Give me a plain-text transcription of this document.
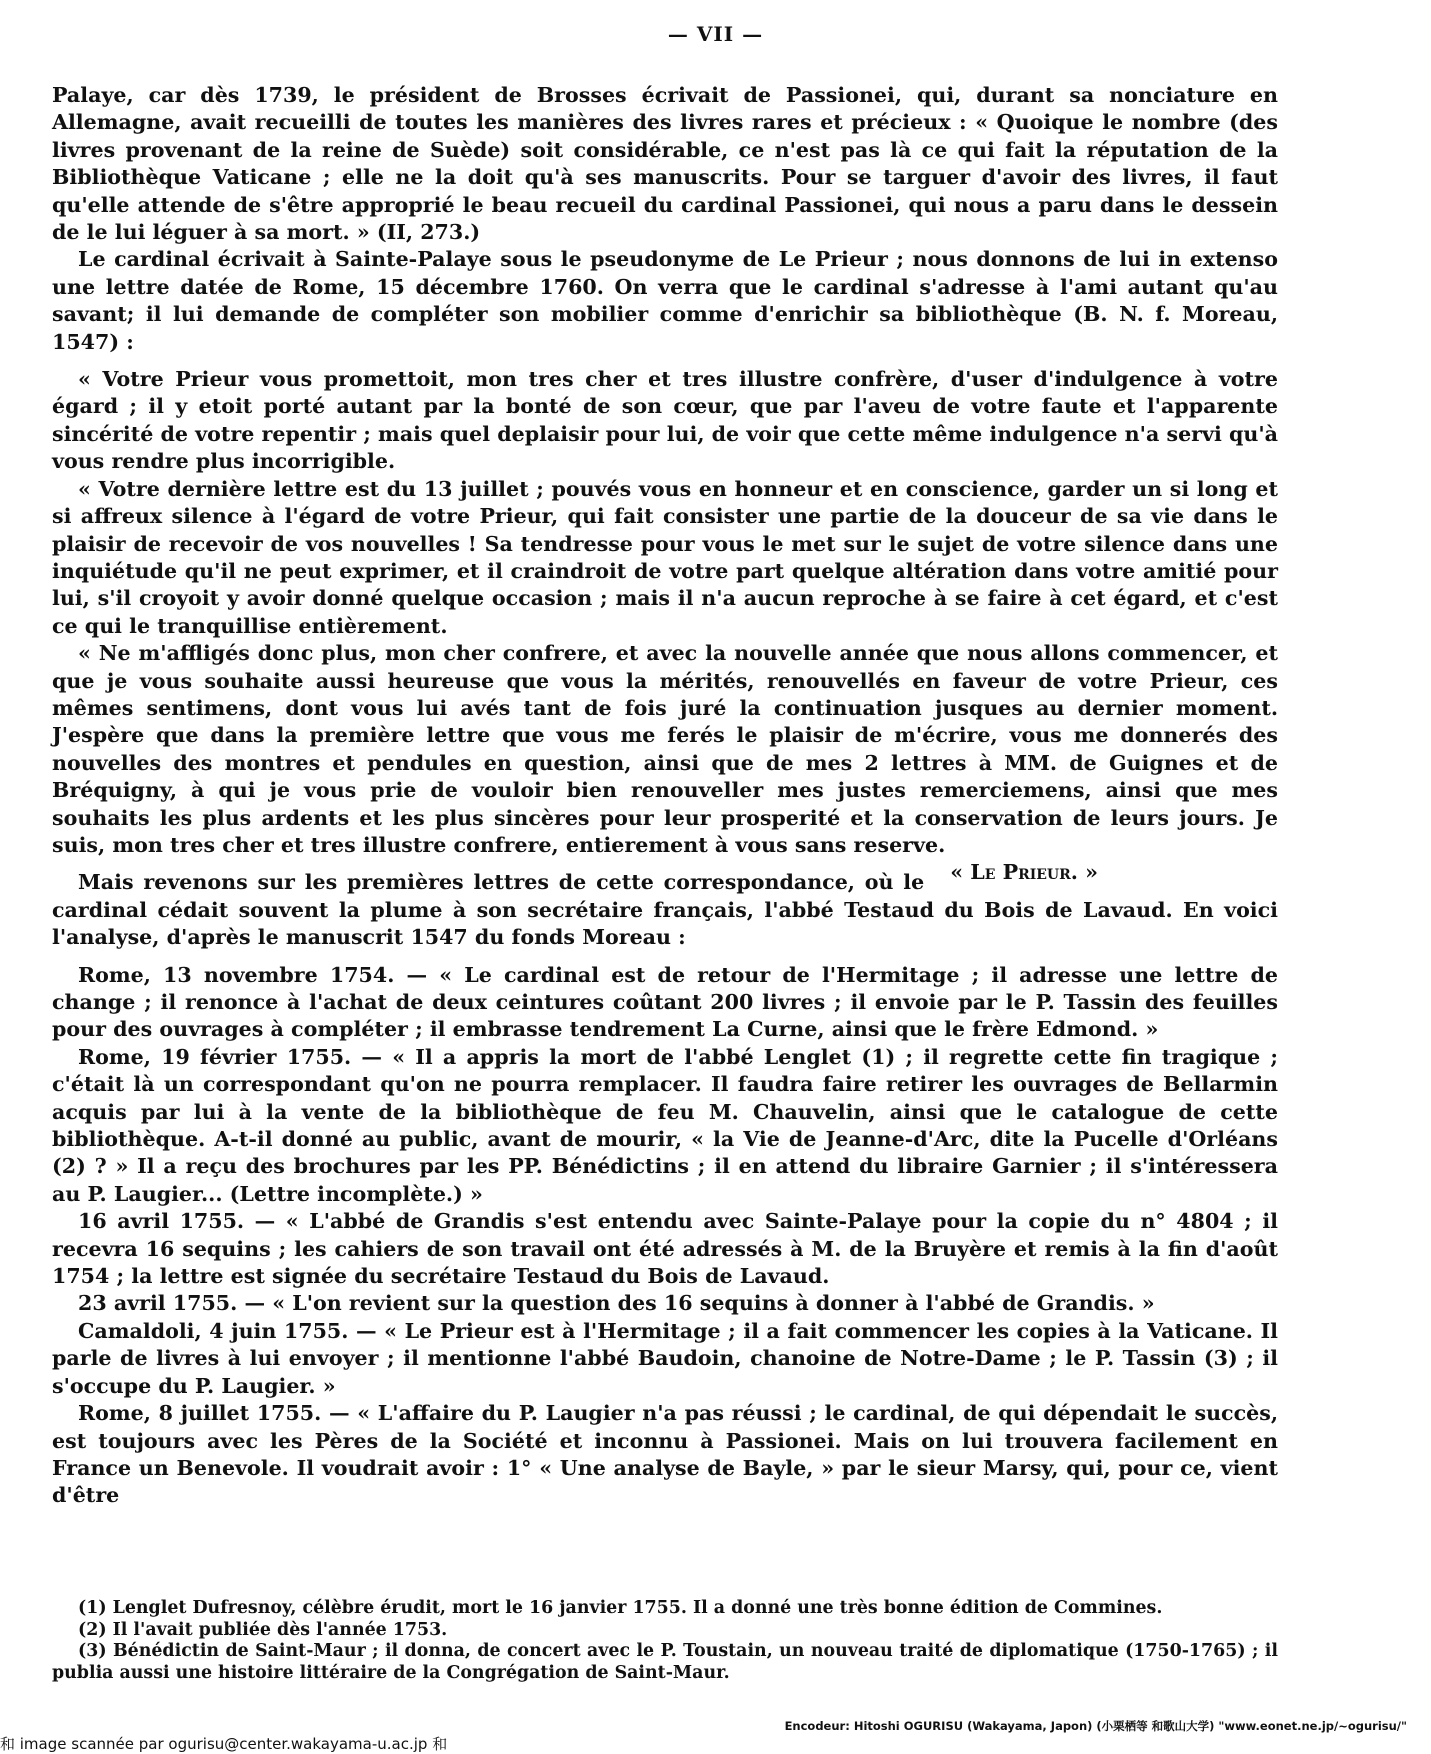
— VII —

Palaye, car dès 1739, le président de Brosses écrivait de Passionei, qui, durant sa nonciature en Allemagne, avait recueilli de toutes les manières des livres rares et précieux : « Quoique le nombre (des livres provenant de la reine de Suède) soit considérable, ce n'est pas là ce qui fait la réputation de la Bibliothèque Vaticane ; elle ne la doit qu'à ses manuscrits. Pour se targuer d'avoir des livres, il faut qu'elle attende de s'être approprié le beau recueil du cardinal Passionei, qui nous a paru dans le dessein de le lui léguer à sa mort. » (II, 273.)

Le cardinal écrivait à Sainte-Palaye sous le pseudonyme de Le Prieur ; nous donnons de lui in extenso une lettre datée de Rome, 15 décembre 1760. On verra que le cardinal s'adresse à l'ami autant qu'au savant; il lui demande de compléter son mobilier comme d'enrichir sa bibliothèque (B. N. f. Moreau, 1547) :

« Votre Prieur vous promettoit, mon tres cher et tres illustre confrère, d'user d'indulgence à votre égard ; il y etoit porté autant par la bonté de son cœur, que par l'aveu de votre faute et l'apparente sincérité de votre repentir ; mais quel deplaisir pour lui, de voir que cette même indulgence n'a servi qu'à vous rendre plus incorrigible.

« Votre dernière lettre est du 13 juillet ; pouvés vous en honneur et en conscience, garder un si long et si affreux silence à l'égard de votre Prieur, qui fait consister une partie de la douceur de sa vie dans le plaisir de recevoir de vos nouvelles ! Sa tendresse pour vous le met sur le sujet de votre silence dans une inquiétude qu'il ne peut exprimer, et il craindroit de votre part quelque altération dans votre amitié pour lui, s'il croyoit y avoir donné quelque occasion ; mais il n'a aucun reproche à se faire à cet égard, et c'est ce qui le tranquillise entièrement.

« Ne m'affligés donc plus, mon cher confrere, et avec la nouvelle année que nous allons commencer, et que je vous souhaite aussi heureuse que vous la mérités, renouvellés en faveur de votre Prieur, ces mêmes sentimens, dont vous lui avés tant de fois juré la continuation jusques au dernier moment. J'espère que dans la première lettre que vous me ferés le plaisir de m'écrire, vous me donnerés des nouvelles des montres et pendules en question, ainsi que de mes 2 lettres à MM. de Guignes et de Bréquigny, à qui je vous prie de vouloir bien renouveller mes justes remerciemens, ainsi que mes souhaits les plus ardents et les plus sincères pour leur prosperité et la conservation de leurs jours. Je suis, mon tres cher et tres illustre confrere, entierement à vous sans reserve.
« Le Prieur. »

Mais revenons sur les premières lettres de cette correspondance, où le cardinal cédait souvent la plume à son secrétaire français, l'abbé Testaud du Bois de Lavaud. En voici l'analyse, d'après le manuscrit 1547 du fonds Moreau :

Rome, 13 novembre 1754. — « Le cardinal est de retour de l'Hermitage ; il adresse une lettre de change ; il renonce à l'achat de deux ceintures coûtant 200 livres ; il envoie par le P. Tassin des feuilles pour des ouvrages à compléter ; il embrasse tendrement La Curne, ainsi que le frère Edmond. »

Rome, 19 février 1755. — « Il a appris la mort de l'abbé Lenglet (1) ; il regrette cette fin tragique ; c'était là un correspondant qu'on ne pourra remplacer. Il faudra faire retirer les ouvrages de Bellarmin acquis par lui à la vente de la bibliothèque de feu M. Chauvelin, ainsi que le catalogue de cette bibliothèque. A-t-il donné au public, avant de mourir, « la Vie de Jeanne-d'Arc, dite la Pucelle d'Orléans (2) ? » Il a reçu des brochures par les PP. Bénédictins ; il en attend du libraire Garnier ; il s'intéressera au P. Laugier... (Lettre incomplète.) »

16 avril 1755. — « L'abbé de Grandis s'est entendu avec Sainte-Palaye pour la copie du n° 4804 ; il recevra 16 sequins ; les cahiers de son travail ont été adressés à M. de la Bruyère et remis à la fin d'août 1754 ; la lettre est signée du secrétaire Testaud du Bois de Lavaud.

23 avril 1755. — « L'on revient sur la question des 16 sequins à donner à l'abbé de Grandis. »

Camaldoli, 4 juin 1755. — « Le Prieur est à l'Hermitage ; il a fait commencer les copies à la Vaticane. Il parle de livres à lui envoyer ; il mentionne l'abbé Baudoin, chanoine de Notre-Dame ; le P. Tassin (3) ; il s'occupe du P. Laugier. »

Rome, 8 juillet 1755. — « L'affaire du P. Laugier n'a pas réussi ; le cardinal, de qui dépendait le succès, est toujours avec les Pères de la Société et inconnu à Passionei. Mais on lui trouvera facilement en France un Benevole. Il voudrait avoir : 1° « Une analyse de Bayle, » par le sieur Marsy, qui, pour ce, vient d'être

(1) Lenglet Dufresnoy, célèbre érudit, mort le 16 janvier 1755. Il a donné une très bonne édition de Commines.

(2) Il l'avait publiée dès l'année 1753.

(3) Bénédictin de Saint-Maur ; il donna, de concert avec le P. Toustain, un nouveau traité de diplomatique (1750-1765) ; il publia aussi une histoire littéraire de la Congrégation de Saint-Maur.

Encodeur: Hitoshi OGURISU (Wakayama, Japon) (小栗栖等 和歌山大学) "www.eonet.ne.jp/~ogurisu/"
和 image scannée par ogurisu@center.wakayama-u.ac.jp 和
